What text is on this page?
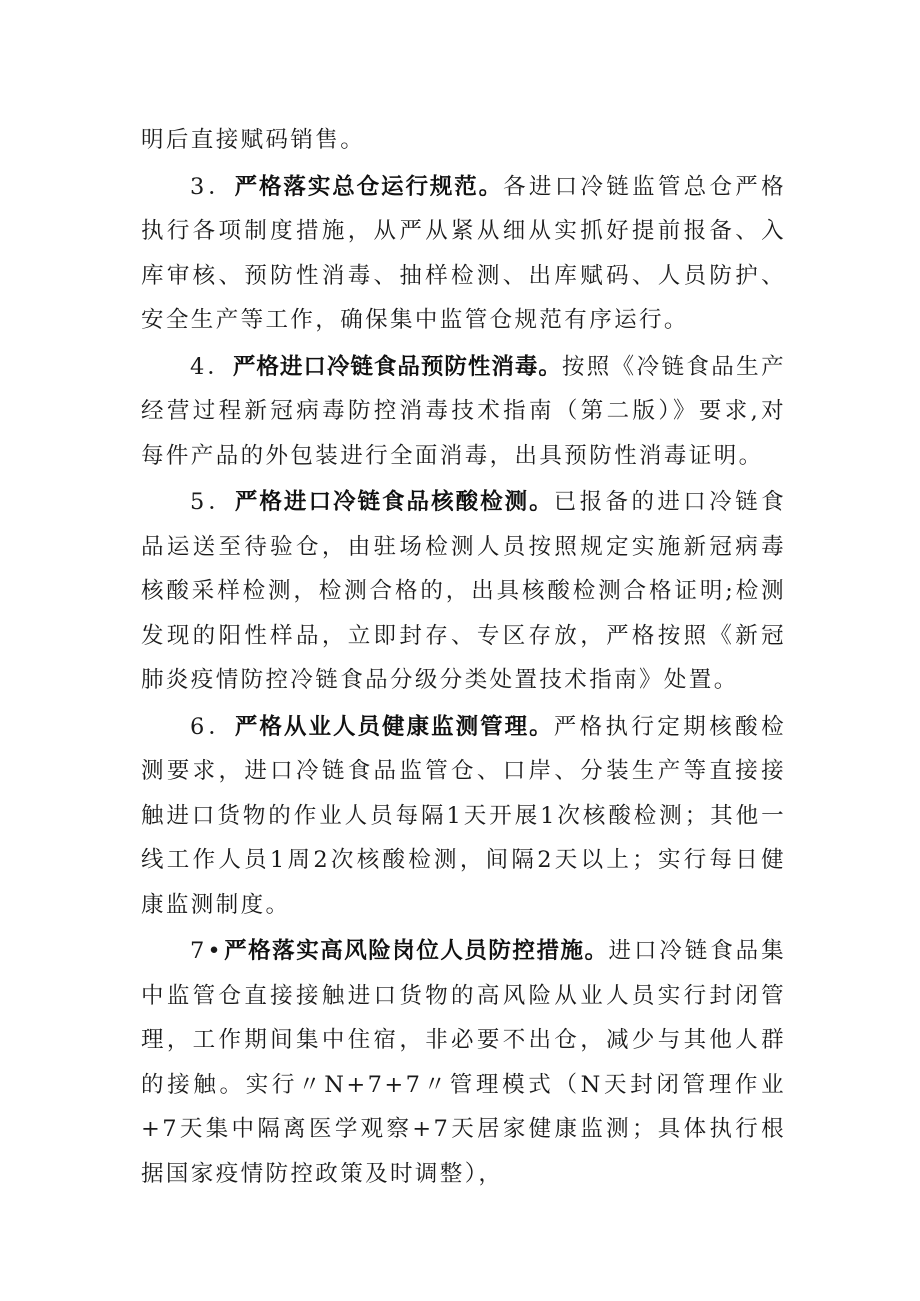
明后直接赋码销售。

3．严格落实总仓运行规范。各进口冷链监管总仓严格执行各项制度措施，从严从紧从细从实抓好提前报备、入库审核、预防性消毒、抽样检测、出库赋码、人员防护、安全生产等工作，确保集中监管仓规范有序运行。

4．严格进口冷链食品预防性消毒。按照《冷链食品生产经营过程新冠病毒防控消毒技术指南（第二版）》要求,对每件产品的外包装进行全面消毒，出具预防性消毒证明。

5．严格进口冷链食品核酸检测。已报备的进口冷链食品运送至待验仓，由驻场检测人员按照规定实施新冠病毒核酸采样检测，检测合格的，出具核酸检测合格证明;检测发现的阳性样品，立即封存、专区存放，严格按照《新冠肺炎疫情防控冷链食品分级分类处置技术指南》处置。

6．严格从业人员健康监测管理。严格执行定期核酸检测要求，进口冷链食品监管仓、口岸、分装生产等直接接触进口货物的作业人员每隔1天开展1次核酸检测；其他一线工作人员1周2次核酸检测，间隔2天以上；实行每日健康监测制度。

7•严格落实高风险岗位人员防控措施。进口冷链食品集中监管仓直接接触进口货物的高风险从业人员实行封闭管理，工作期间集中住宿，非必要不出仓，减少与其他人群的接触。实行〃N+7+7〃管理模式（N天封闭管理作业+7天集中隔离医学观察+7天居家健康监测；具体执行根据国家疫情防控政策及时调整），
